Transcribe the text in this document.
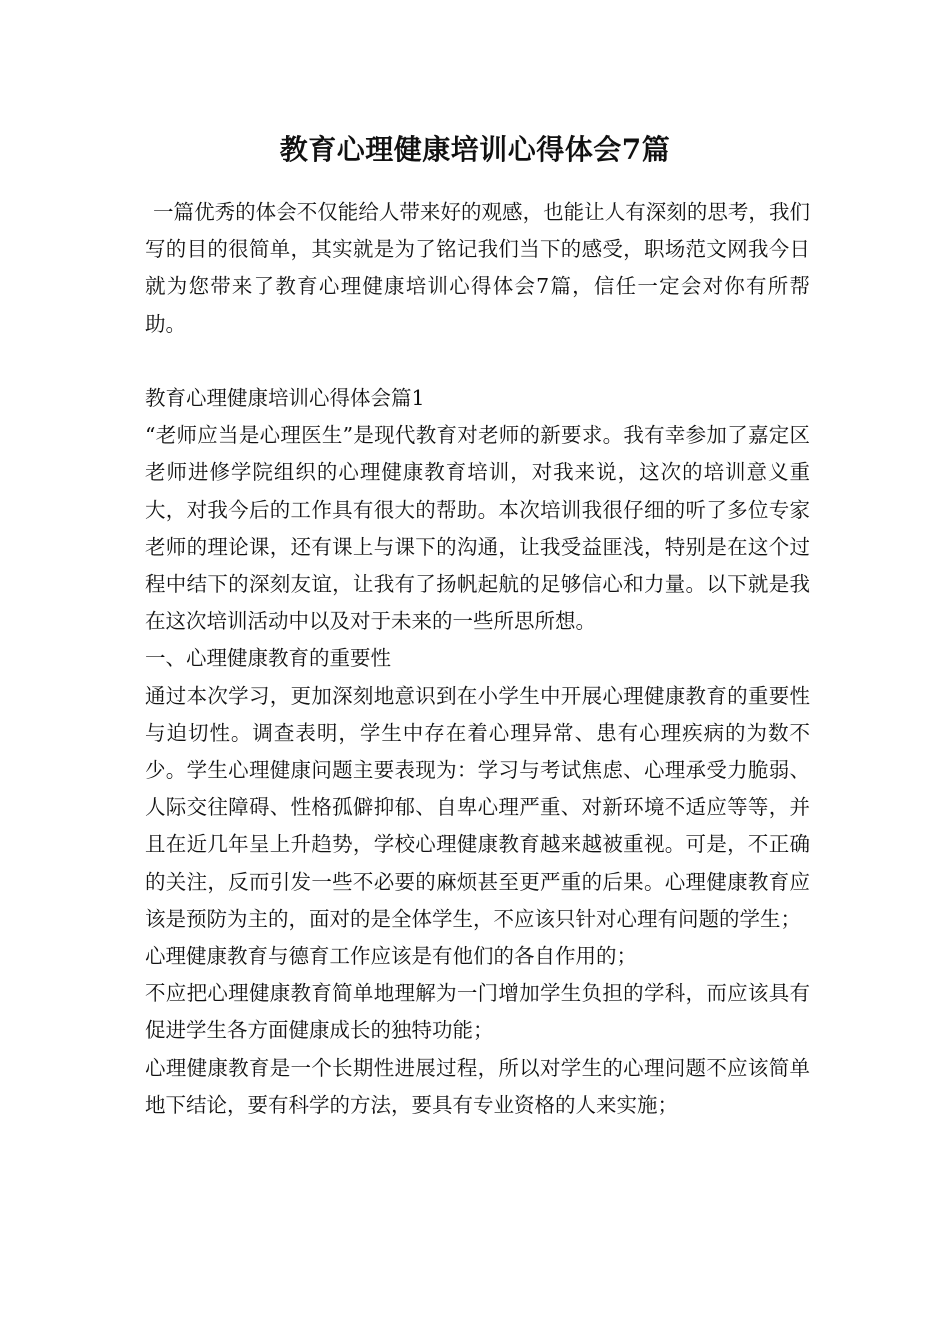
教育心理健康培训心得体会7篇

一篇优秀的体会不仅能给人带来好的观感，也能让人有深刻的思考，我们写的目的很简单，其实就是为了铭记我们当下的感受，职场范文网我今日就为您带来了教育心理健康培训心得体会7篇，信任一定会对你有所帮助。

教育心理健康培训心得体会篇1

“老师应当是心理医生”是现代教育对老师的新要求。我有幸参加了嘉定区老师进修学院组织的心理健康教育培训，对我来说，这次的培训意义重大，对我今后的工作具有很大的帮助。本次培训我很仔细的听了多位专家老师的理论课，还有课上与课下的沟通，让我受益匪浅，特别是在这个过程中结下的深刻友谊，让我有了扬帆起航的足够信心和力量。以下就是我在这次培训活动中以及对于未来的一些所思所想。

一、心理健康教育的重要性

通过本次学习，更加深刻地意识到在小学生中开展心理健康教育的重要性与迫切性。调查表明，学生中存在着心理异常、患有心理疾病的为数不少。学生心理健康问题主要表现为：学习与考试焦虑、心理承受力脆弱、人际交往障碍、性格孤僻抑郁、自卑心理严重、对新环境不适应等等，并且在近几年呈上升趋势，学校心理健康教育越来越被重视。可是，不正确的关注，反而引发一些不必要的麻烦甚至更严重的后果。心理健康教育应该是预防为主的，面对的是全体学生，不应该只针对心理有问题的学生；

心理健康教育与德育工作应该是有他们的各自作用的；

不应把心理健康教育简单地理解为一门增加学生负担的学科，而应该具有促进学生各方面健康成长的独特功能；

心理健康教育是一个长期性进展过程，所以对学生的心理问题不应该简单地下结论，要有科学的方法，要具有专业资格的人来实施；
